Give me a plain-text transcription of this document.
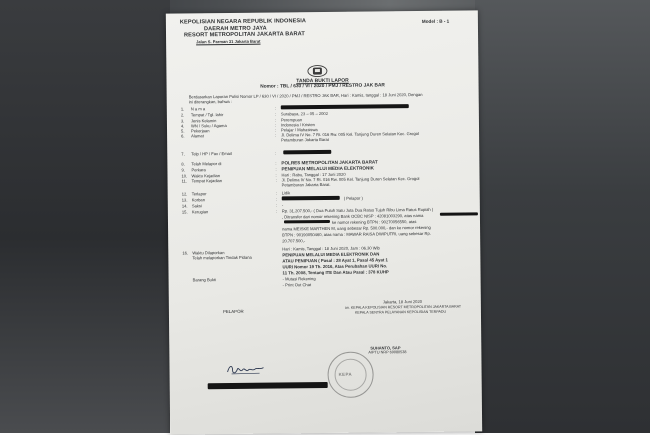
KEPOLISIAN NEGARA REPUBLIK INDONESIA
DAERAH METRO JAYA
RESORT METROPOLITAN JAKARTA BARAT
Jalan S. Parman 31 Jakarta Barat
Model : B - 1
TANDA BUKTI LAPOR
Nomor : TBL / 630 / VI / 2020 / PMJ / RESTRO JAK BAR
Berdasarkan Laporan Polisi Nomor LP / 630 / VI / 2020 / PMJ / RESTRO JAK BAR, Hari : Kamis, tanggal : 18 Juni 2020, Dengan
ini diterangkan, bahwa :
1. N a m a	:
2. Tempat / Tgl. lahir	: Surabaya, 23 – 05 – 2002
3. Jenis Kelamin	: Perempuan
4. WN / Suku / Agama	: Indonesia / Kristen
5. Pekerjaan	: Pelajar / Mahasiswa
6. Alamat	: Jl. Delima IV No. 7 Rt. 016 Rw. 005 Kel. Tanjung Duren Selatan Kec. Grogol
Petamburan Jakarta Barat
7. Telp / HP / Fax / Email	:
8. Telah Melapor di	: POLRES METROPOLITAN JAKARTA BARAT
9. Perkara	: PENIPUAN MELALUI MEDIA ELEKTRONIK
10. Waktu Kejadian	: Hari : Rabu, Tanggal : 17 Juni 2020
11. Tempat Kejadian	: Jl. Delima IV No. 7 Rt. 016 Rw. 005 Kel. Tanjung Duren Selatan Kec. Grogol
Petamburan Jakarta Barat.
12. Terlapor	: Lidik
13. Korban	:	( Pelapor )
14. Saksi	: -
15. Kerugian	: Rp. 31.207.500,- ( Dua Puluh Satu Juta Dua Ratus Tujuh Ribu Lima Ratus Rupiah )
, Ditransfer dari nomor rekening Bank OCBC NISP : 42081003290, atas nama
ke nomor rekening BTPN : 90270056550, atas
nama MEISKE MARTHEN M, uang sebesar Rp. 500.000,- dan ke nomor rekening
BTPN : 90190050460, atas nama : MAWAR RAISA DWIPUTRI, uang sebesar Rp.
20.707.500,-
16. Waktu Dilaporkan
Hari : Kamis, Tanggal : 18 Juni 2020, Jam : 06.30 Wib
Telah melaporkan Tindak Pidana
PENIPUAN MELALUI MEDIA ELEKTRONIK DAN
ATAU PENIPUAN ( Pasal : 28 Ayat 1, Pasal 45 Ayat 1
UURI Nomor 19 Th. 2016, Atas Perubahan UURI No.
11 Th. 2008, Tentang ITE Dan Atau Pasal : 378 KUHP
Barang Bukti	- Mutasi Rekening
- Print Out Chat
Jakarta, 18 Juni 2020
PELAPOR
an. KEPALA KEPOLISIAN RESORT METROPOLITAN JAKARTA BARAT
KEPALA SENTRA PELAYANAN KEPOLISIAN TERPADU
KEPA
SUHANTO, SAP
AIPTU NRP 69080538
